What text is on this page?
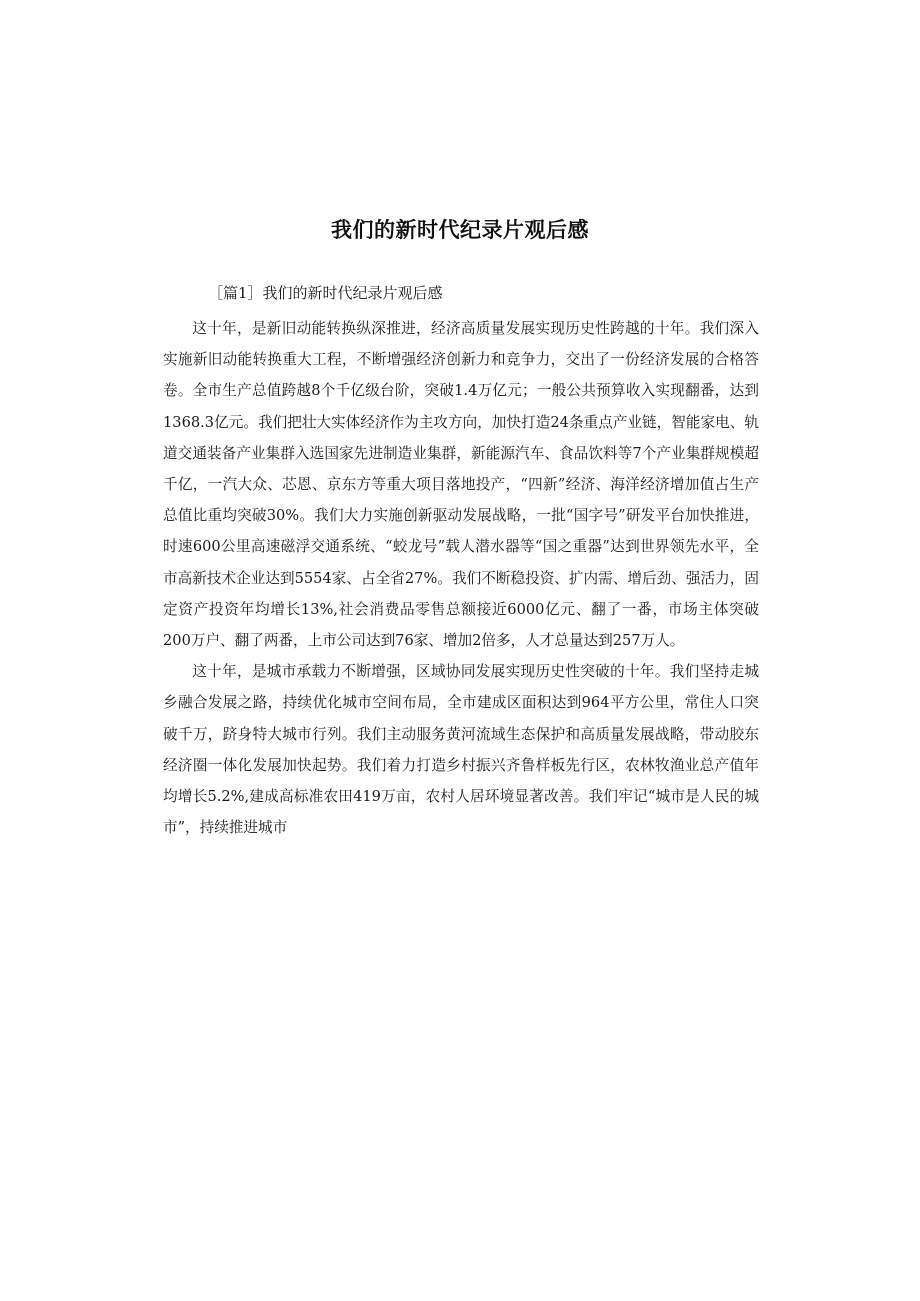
我们的新时代纪录片观后感

［篇1］我们的新时代纪录片观后感

这十年，是新旧动能转换纵深推进，经济高质量发展实现历史性跨越的十年。我们深入实施新旧动能转换重大工程，不断增强经济创新力和竞争力，交出了一份经济发展的合格答卷。全市生产总值跨越8个千亿级台阶，突破1.4万亿元；一般公共预算收入实现翻番，达到1368.3亿元。我们把壮大实体经济作为主攻方向，加快打造24条重点产业链，智能家电、轨道交通装备产业集群入选国家先进制造业集群，新能源汽车、食品饮料等7个产业集群规模超千亿，一汽大众、芯恩、京东方等重大项目落地投产，“四新”经济、海洋经济增加值占生产总值比重均突破30%。我们大力实施创新驱动发展战略，一批“国字号”研发平台加快推进，时速600公里高速磁浮交通系统、“蛟龙号”载人潜水器等“国之重器”达到世界领先水平，全市高新技术企业达到5554家、占全省27%。我们不断稳投资、扩内需、增后劲、强活力，固定资产投资年均增长13%,社会消费品零售总额接近6000亿元、翻了一番，市场主体突破200万户、翻了两番，上市公司达到76家、增加2倍多，人才总量达到257万人。

这十年，是城市承载力不断增强，区域协同发展实现历史性突破的十年。我们坚持走城乡融合发展之路，持续优化城市空间布局，全市建成区面积达到964平方公里，常住人口突破千万，跻身特大城市行列。我们主动服务黄河流域生态保护和高质量发展战略，带动胶东经济圈一体化发展加快起势。我们着力打造乡村振兴齐鲁样板先行区，农林牧渔业总产值年均增长5.2%,建成高标准农田419万亩，农村人居环境显著改善。我们牢记“城市是人民的城市”，持续推进城市
